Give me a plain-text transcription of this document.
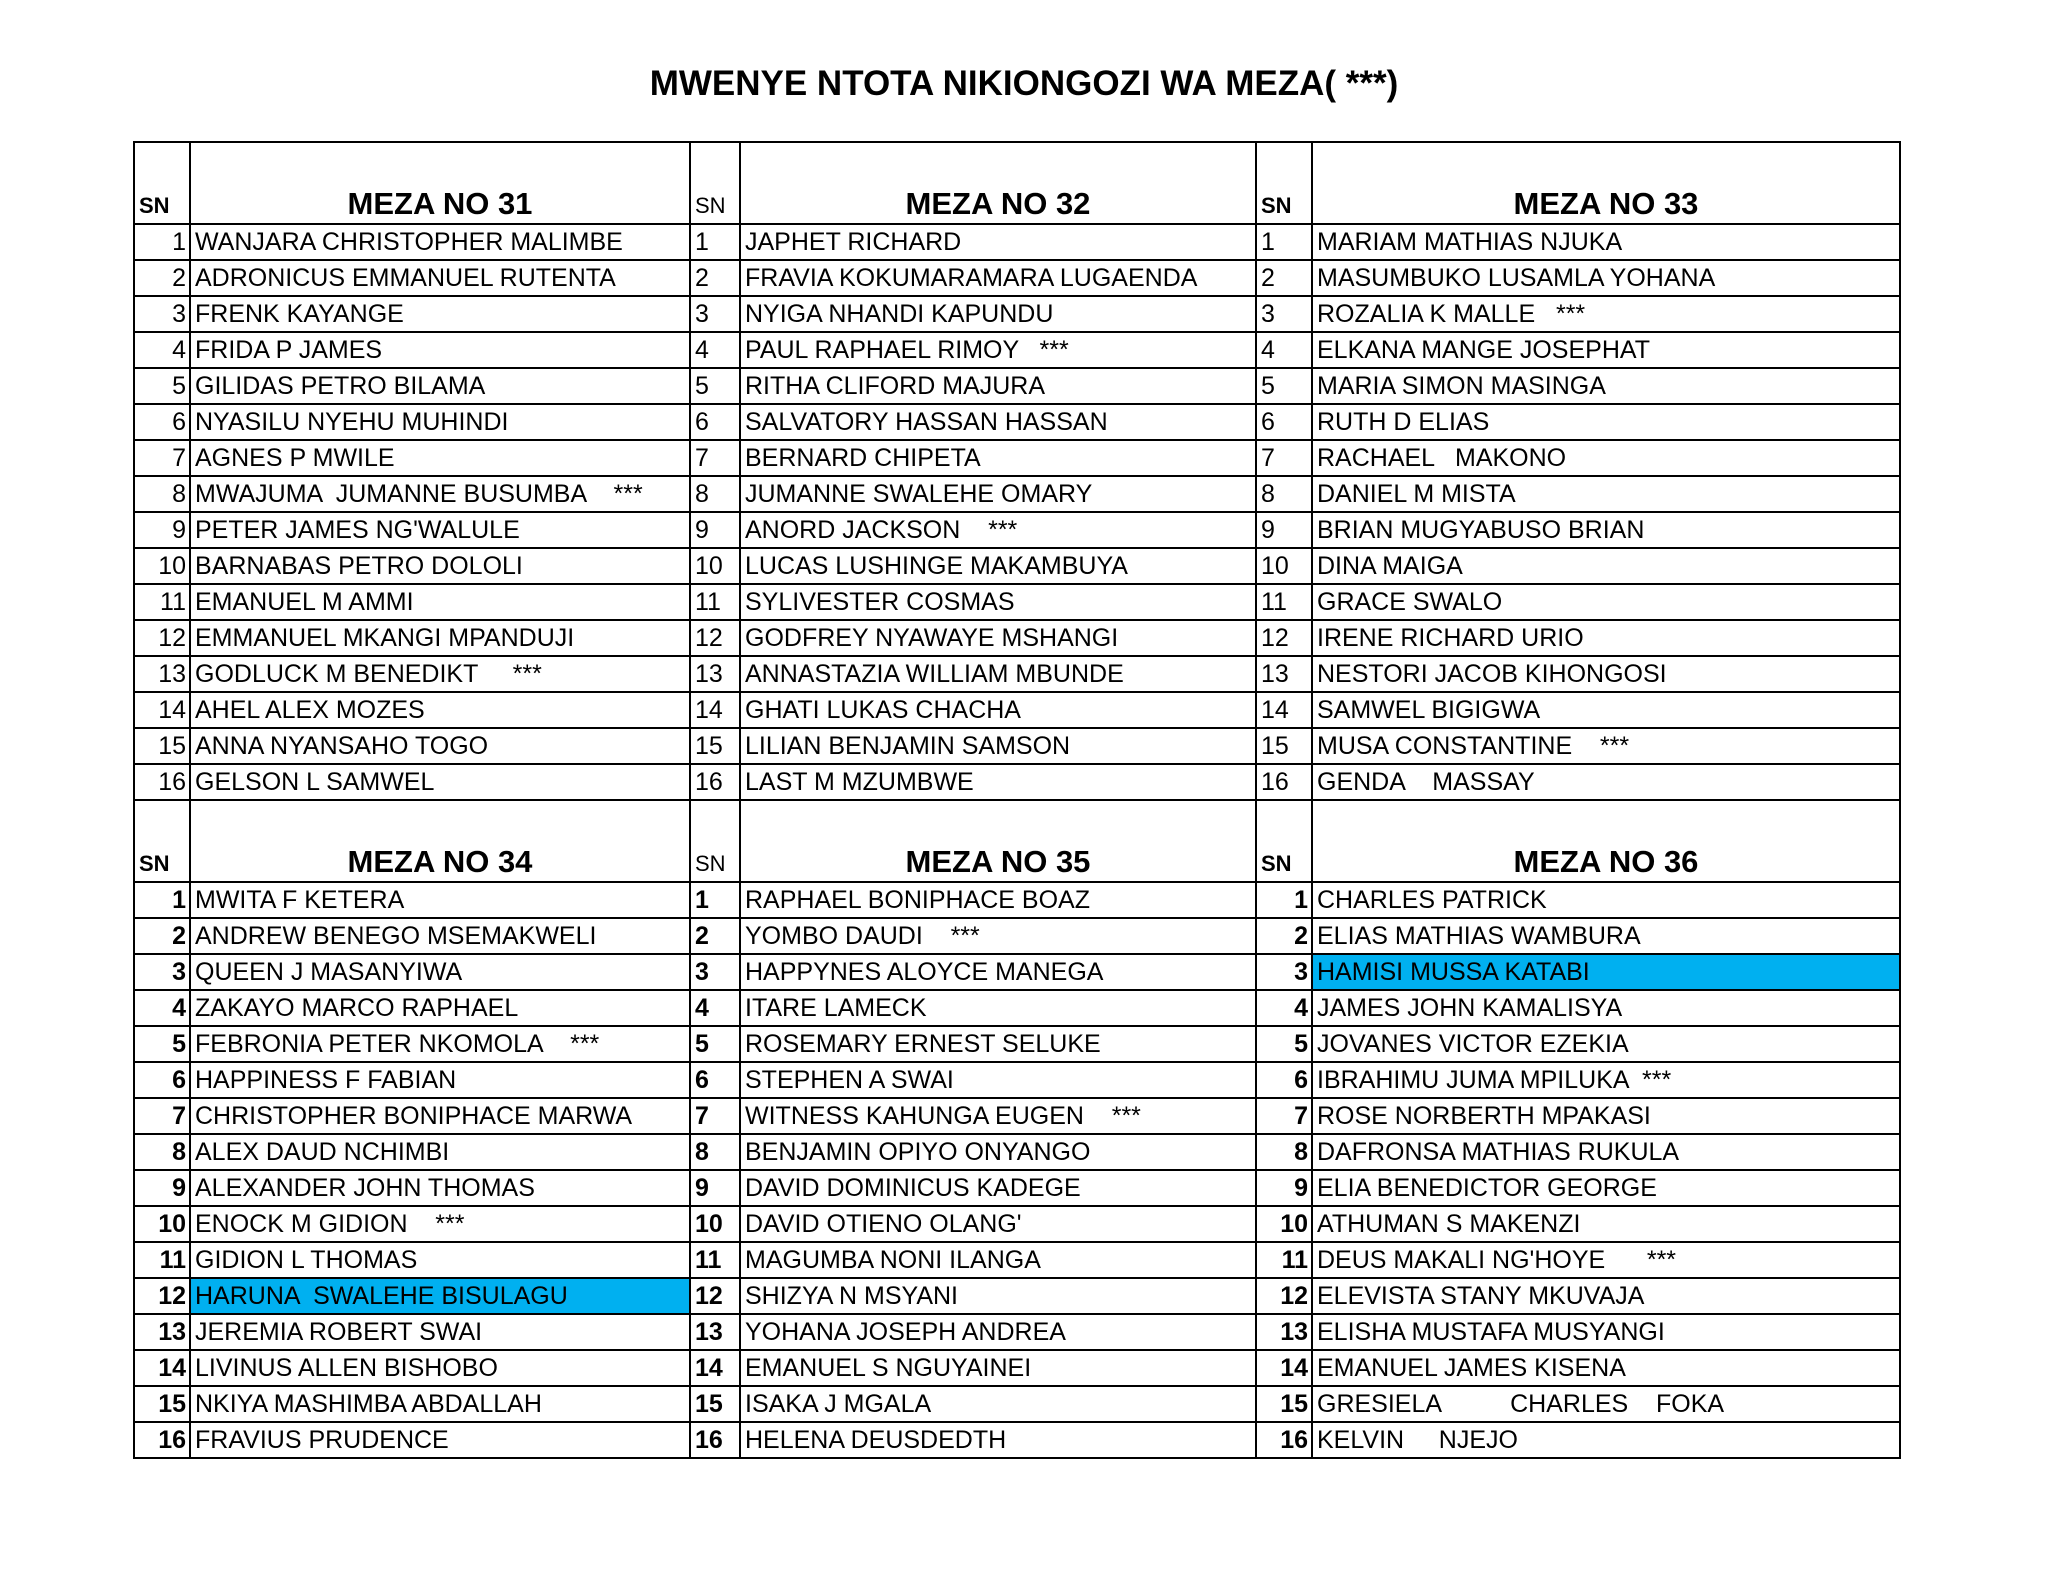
MWENYE NTOTA NIKIONGOZI WA MEZA( ***)
SN	MEZA NO 31	SN	MEZA NO 32	SN	MEZA NO 33
1	WANJARA CHRISTOPHER MALIMBE	1	JAPHET RICHARD	1	MARIAM MATHIAS NJUKA
2	ADRONICUS EMMANUEL RUTENTA	2	FRAVIA KOKUMARAMARA LUGAENDA	2	MASUMBUKO LUSAMLA YOHANA
3	FRENK KAYANGE	3	NYIGA NHANDI KAPUNDU	3	ROZALIA K MALLE   ***
4	FRIDA P JAMES	4	PAUL RAPHAEL RIMOY   ***	4	ELKANA MANGE JOSEPHAT
5	GILIDAS PETRO BILAMA	5	RITHA CLIFORD MAJURA	5	MARIA SIMON MASINGA
6	NYASILU NYEHU MUHINDI	6	SALVATORY HASSAN HASSAN	6	RUTH D ELIAS
7	AGNES P MWILE	7	BERNARD CHIPETA	7	RACHAEL   MAKONO
8	MWAJUMA  JUMANNE BUSUMBA    ***	8	JUMANNE SWALEHE OMARY	8	DANIEL M MISTA
9	PETER JAMES NG'WALULE	9	ANORD JACKSON    ***	9	BRIAN MUGYABUSO BRIAN
10	BARNABAS PETRO DOLOLI	10	LUCAS LUSHINGE MAKAMBUYA	10	DINA MAIGA
11	EMANUEL M AMMI	11	SYLIVESTER COSMAS	11	GRACE SWALO
12	EMMANUEL MKANGI MPANDUJI	12	GODFREY NYAWAYE MSHANGI	12	IRENE RICHARD URIO
13	GODLUCK M BENEDIKT     ***	13	ANNASTAZIA WILLIAM MBUNDE	13	NESTORI JACOB KIHONGOSI
14	AHEL ALEX MOZES	14	GHATI LUKAS CHACHA	14	SAMWEL BIGIGWA
15	ANNA NYANSAHO TOGO	15	LILIAN BENJAMIN SAMSON	15	MUSA CONSTANTINE    ***
16	GELSON L SAMWEL	16	LAST M MZUMBWE	16	GENDA    MASSAY
SN	MEZA NO 34	SN	MEZA NO 35	SN	MEZA NO 36
1	MWITA F KETERA	1	RAPHAEL BONIPHACE BOAZ	1	CHARLES PATRICK
2	ANDREW BENEGO MSEMAKWELI	2	YOMBO DAUDI    ***	2	ELIAS MATHIAS WAMBURA
3	QUEEN J MASANYIWA	3	HAPPYNES ALOYCE MANEGA	3	HAMISI MUSSA KATABI
4	ZAKAYO MARCO RAPHAEL	4	ITARE LAMECK	4	JAMES JOHN KAMALISYA
5	FEBRONIA PETER NKOMOLA    ***	5	ROSEMARY ERNEST SELUKE	5	JOVANES VICTOR EZEKIA
6	HAPPINESS F FABIAN	6	STEPHEN A SWAI	6	IBRAHIMU JUMA MPILUKA  ***
7	CHRISTOPHER BONIPHACE MARWA	7	WITNESS KAHUNGA EUGEN    ***	7	ROSE NORBERTH MPAKASI
8	ALEX DAUD NCHIMBI	8	BENJAMIN OPIYO ONYANGO	8	DAFRONSA MATHIAS RUKULA
9	ALEXANDER JOHN THOMAS	9	DAVID DOMINICUS KADEGE	9	ELIA BENEDICTOR GEORGE
10	ENOCK M GIDION    ***	10	DAVID OTIENO OLANG'	10	ATHUMAN S MAKENZI
11	GIDION L THOMAS	11	MAGUMBA NONI ILANGA	11	DEUS MAKALI NG'HOYE      ***
12	HARUNA  SWALEHE BISULAGU	12	SHIZYA N MSYANI	12	ELEVISTA STANY MKUVAJA
13	JEREMIA ROBERT SWAI	13	YOHANA JOSEPH ANDREA	13	ELISHA MUSTAFA MUSYANGI
14	LIVINUS ALLEN BISHOBO	14	EMANUEL S NGUYAINEI	14	EMANUEL JAMES KISENA
15	NKIYA MASHIMBA ABDALLAH	15	ISAKA J MGALA	15	GRESIELA          CHARLES    FOKA
16	FRAVIUS PRUDENCE	16	HELENA DEUSDEDTH	16	KELVIN     NJEJO
